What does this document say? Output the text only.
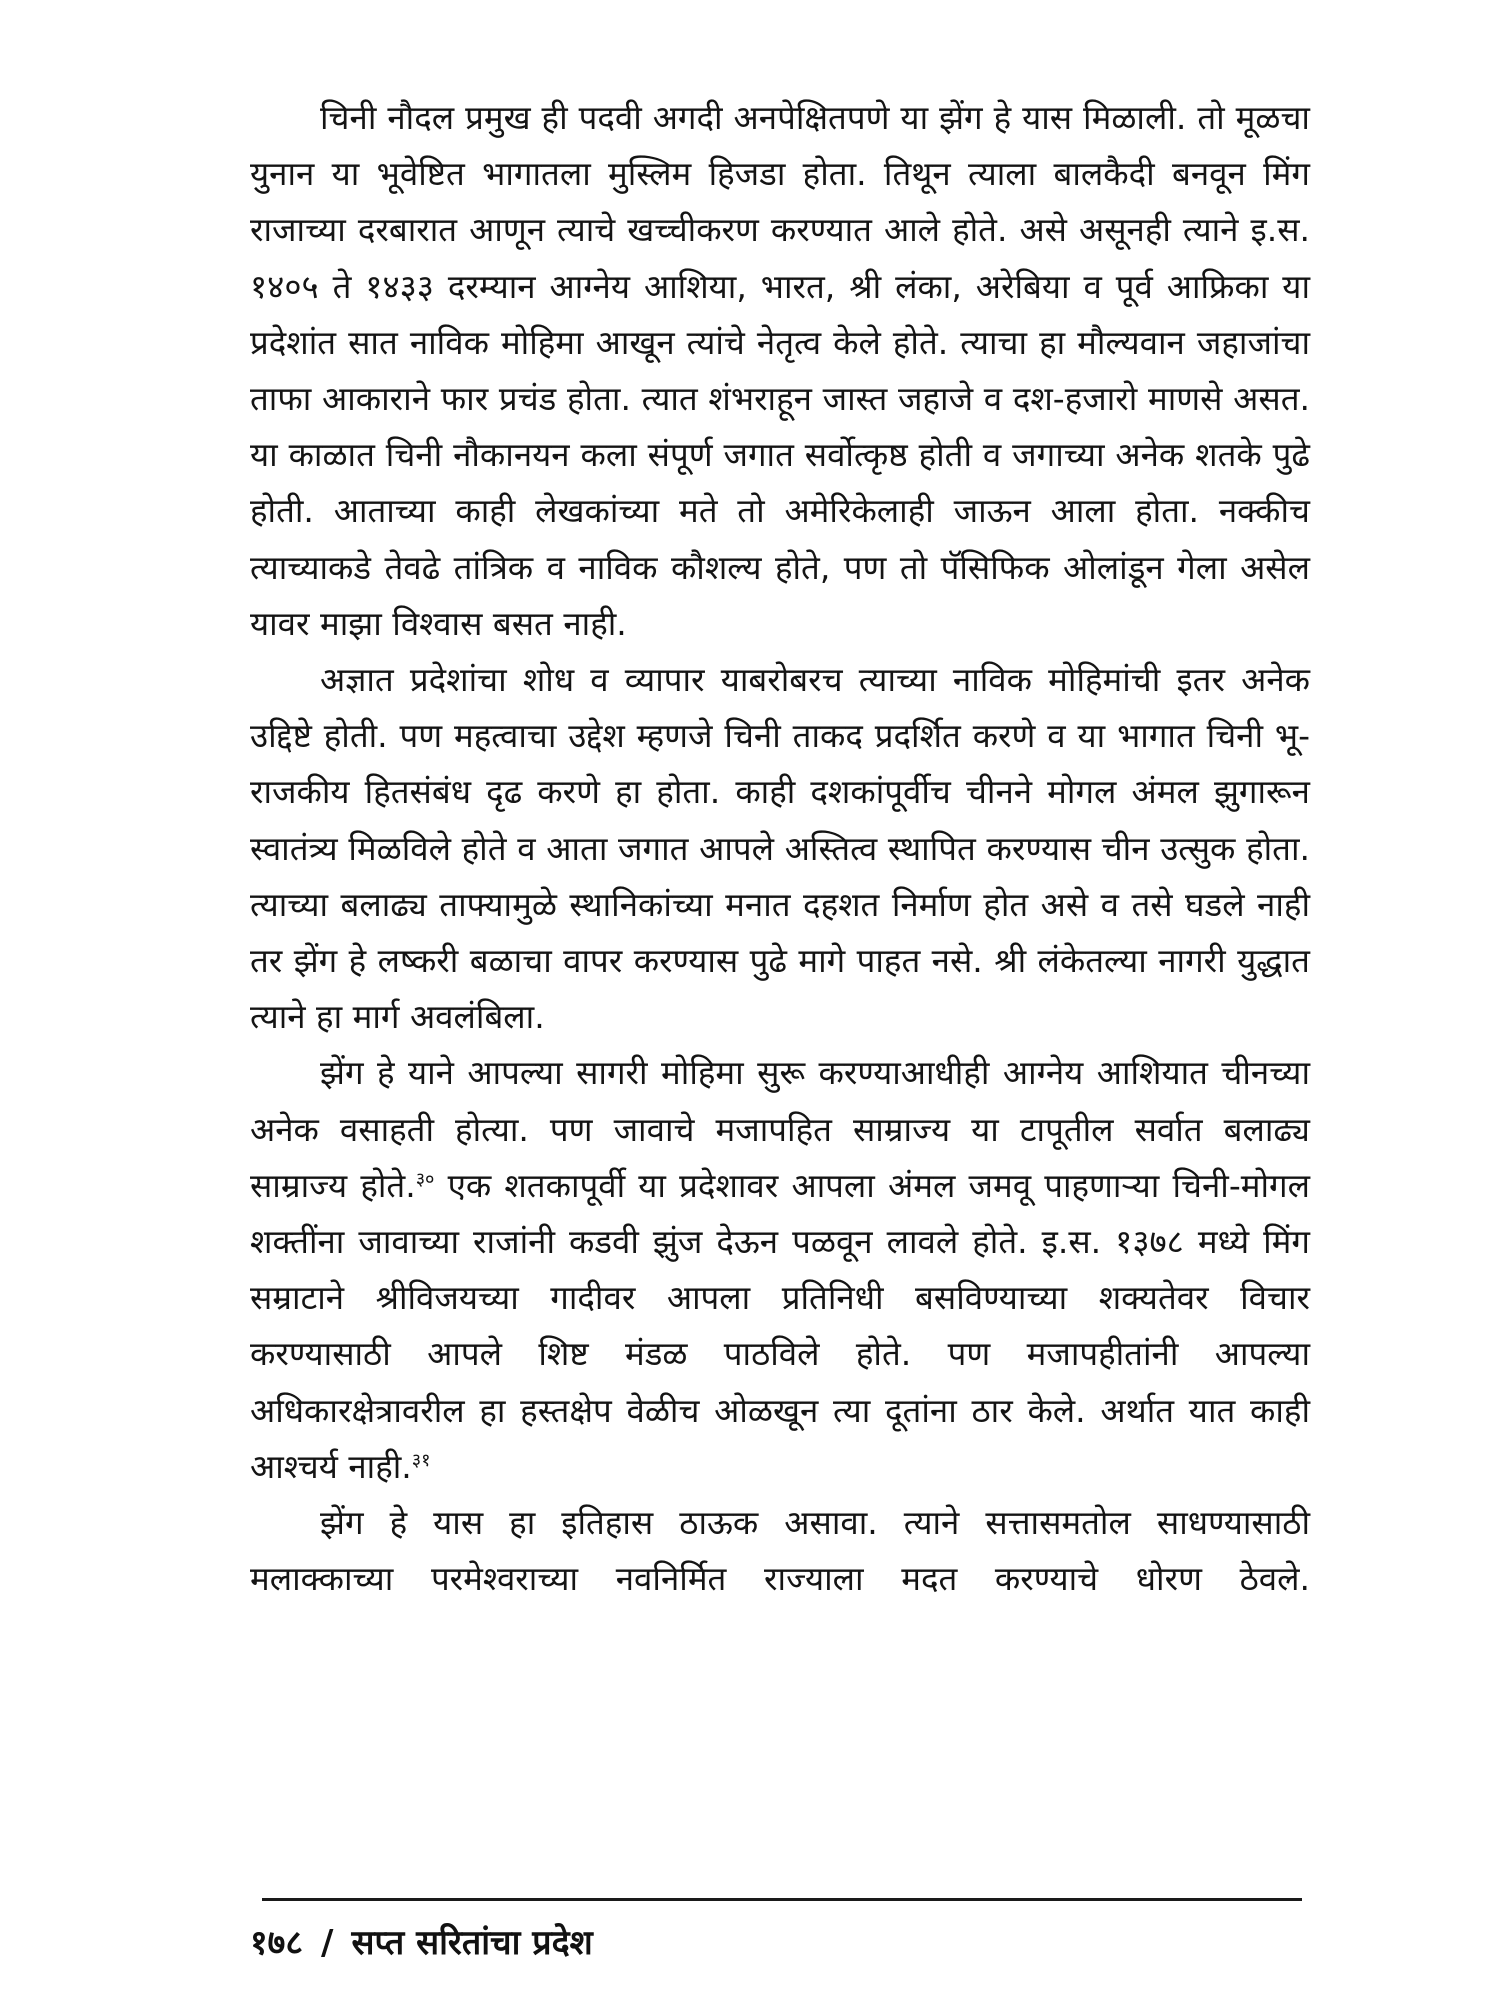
चिनी नौदल प्रमुख ही पदवी अगदी अनपेक्षितपणे या झेंग हे यास मिळाली. तो मूळचा युनान या भूवेष्टित भागातला मुस्लिम हिजडा होता. तिथून त्याला बालकैदी बनवून मिंग राजाच्या दरबारात आणून त्याचे खच्चीकरण करण्यात आले होते. असे असूनही त्याने इ.स. १४०५ ते १४३३ दरम्यान आग्नेय आशिया, भारत, श्री लंका, अरेबिया व पूर्व आफ्रिका या प्रदेशांत सात नाविक मोहिमा आखून त्यांचे नेतृत्व केले होते. त्याचा हा मौल्यवान जहाजांचा ताफा आकाराने फार प्रचंड होता. त्यात शंभराहून जास्त जहाजे व दश-हजारो माणसे असत. या काळात चिनी नौकानयन कला संपूर्ण जगात सर्वोत्कृष्ठ होती व जगाच्या अनेक शतके पुढे होती. आताच्या काही लेखकांच्या मते तो अमेरिकेलाही जाऊन आला होता. नक्कीच त्याच्याकडे तेवढे तांत्रिक व नाविक कौशल्य होते, पण तो पॅसिफिक ओलांडून गेला असेल यावर माझा विश्वास बसत नाही.

अज्ञात प्रदेशांचा शोध व व्यापार याबरोबरच त्याच्या नाविक मोहिमांची इतर अनेक उद्दिष्टे होती. पण महत्वाचा उद्देश म्हणजे चिनी ताकद प्रदर्शित करणे व या भागात चिनी भू-राजकीय हितसंबंध दृढ करणे हा होता. काही दशकांपूर्वीच चीनने मोगल अंमल झुगारून स्वातंत्र्य मिळविले होते व आता जगात आपले अस्तित्व स्थापित करण्यास चीन उत्सुक होता. त्याच्या बलाढ्य ताफ्यामुळे स्थानिकांच्या मनात दहशत निर्माण होत असे व तसे घडले नाही तर झेंग हे लष्करी बळाचा वापर करण्यास पुढे मागे पाहत नसे. श्री लंकेतल्या नागरी युद्धात त्याने हा मार्ग अवलंबिला.

झेंग हे याने आपल्या सागरी मोहिमा सुरू करण्याआधीही आग्नेय आशियात चीनच्या अनेक वसाहती होत्या. पण जावाचे मजापहित साम्राज्य या टापूतील सर्वात बलाढ्य साम्राज्य होते.$^{३०}$ एक शतकापूर्वी या प्रदेशावर आपला अंमल जमवू पाहणाऱ्या चिनी-मोगल शक्तींना जावाच्या राजांनी कडवी झुंज देऊन पळवून लावले होते. इ.स. १३७८ मध्ये मिंग सम्राटाने श्रीविजयच्या गादीवर आपला प्रतिनिधी बसविण्याच्या शक्यतेवर विचार करण्यासाठी आपले शिष्ट मंडळ पाठविले होते. पण मजापहीतांनी आपल्या अधिकारक्षेत्रावरील हा हस्तक्षेप वेळीच ओळखून त्या दूतांना ठार केले. अर्थात यात काही आश्चर्य नाही.$^{३१}$

झेंग हे यास हा इतिहास ठाऊक असावा. त्याने सत्तासमतोल साधण्यासाठी मलाक्काच्या परमेश्वराच्या नवनिर्मित राज्याला मदत करण्याचे धोरण ठेवले.

१७८ / सप्त सरितांचा प्रदेश
